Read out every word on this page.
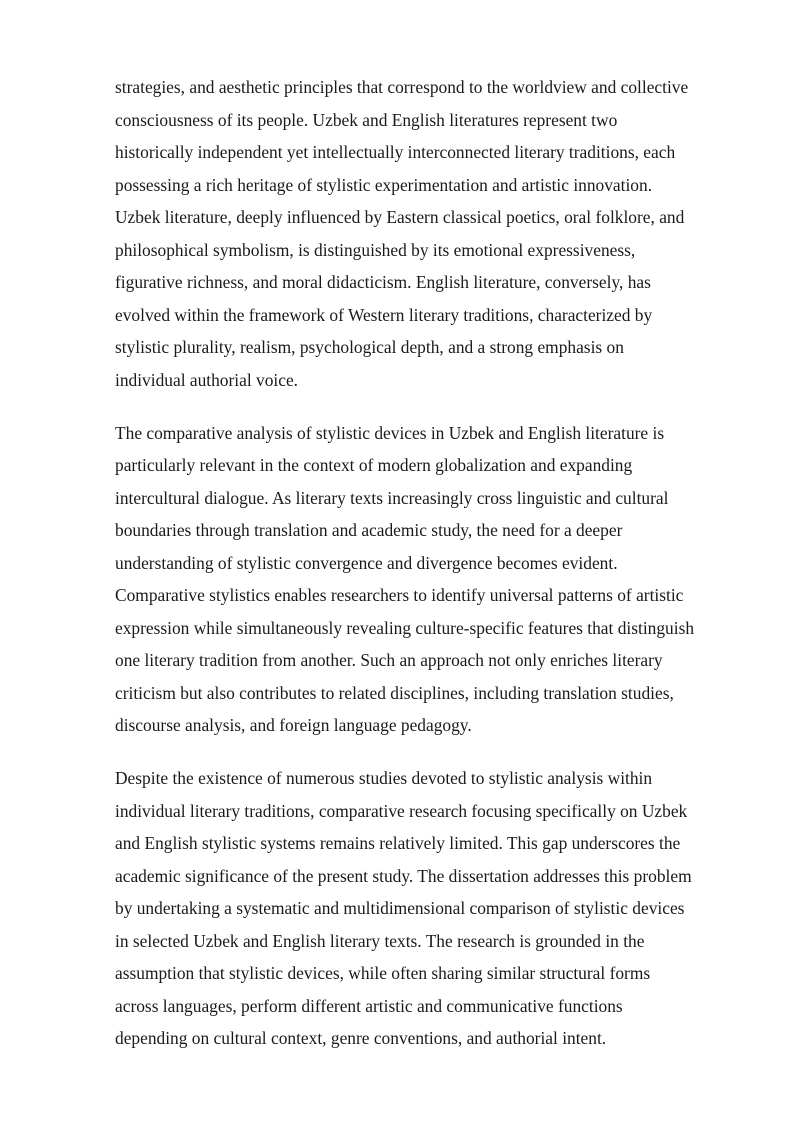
strategies, and aesthetic principles that correspond to the worldview and collective
consciousness of its people. Uzbek and English literatures represent two
historically independent yet intellectually interconnected literary traditions, each
possessing a rich heritage of stylistic experimentation and artistic innovation.
Uzbek literature, deeply influenced by Eastern classical poetics, oral folklore, and
philosophical symbolism, is distinguished by its emotional expressiveness,
figurative richness, and moral didacticism. English literature, conversely, has
evolved within the framework of Western literary traditions, characterized by
stylistic plurality, realism, psychological depth, and a strong emphasis on
individual authorial voice.
The comparative analysis of stylistic devices in Uzbek and English literature is
particularly relevant in the context of modern globalization and expanding
intercultural dialogue. As literary texts increasingly cross linguistic and cultural
boundaries through translation and academic study, the need for a deeper
understanding of stylistic convergence and divergence becomes evident.
Comparative stylistics enables researchers to identify universal patterns of artistic
expression while simultaneously revealing culture-specific features that distinguish
one literary tradition from another. Such an approach not only enriches literary
criticism but also contributes to related disciplines, including translation studies,
discourse analysis, and foreign language pedagogy.
Despite the existence of numerous studies devoted to stylistic analysis within
individual literary traditions, comparative research focusing specifically on Uzbek
and English stylistic systems remains relatively limited. This gap underscores the
academic significance of the present study. The dissertation addresses this problem
by undertaking a systematic and multidimensional comparison of stylistic devices
in selected Uzbek and English literary texts. The research is grounded in the
assumption that stylistic devices, while often sharing similar structural forms
across languages, perform different artistic and communicative functions
depending on cultural context, genre conventions, and authorial intent.
